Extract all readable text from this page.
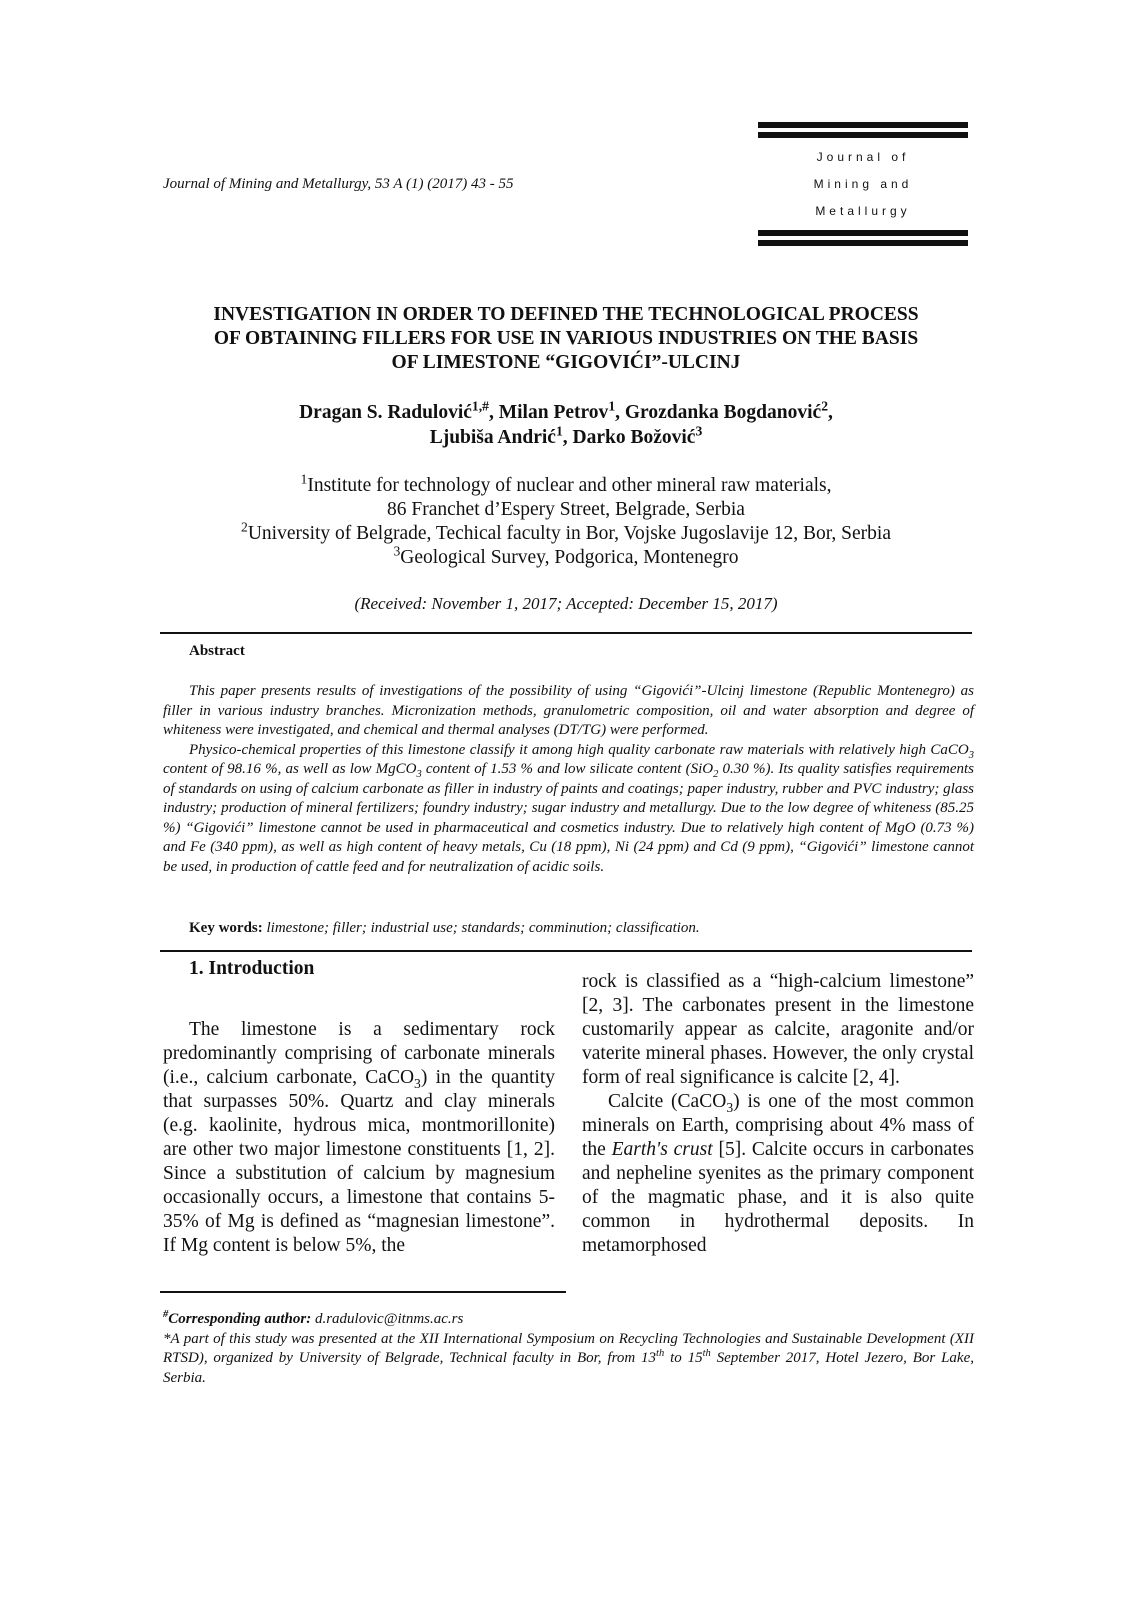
Journal of Mining and Metallurgy, 53 A (1) (2017) 43 - 55
Journal of
Mining and
Metallurgy
INVESTIGATION IN ORDER TO DEFINED THE TECHNOLOGICAL PROCESS
OF OBTAINING FILLERS FOR USE IN VARIOUS INDUSTRIES ON THE BASIS
OF LIMESTONE “GIGOVIĆI”-ULCINJ
Dragan S. Radulović$^{1,\#}$, Milan Petrov$^1$, Grozdanka Bogdanović$^2$,
Ljubiša Andrić$^1$, Darko Božović$^3$
$^1$Institute for technology of nuclear and other mineral raw materials,
86 Franchet d’Espery Street, Belgrade, Serbia
$^2$University of Belgrade, Techical faculty in Bor, Vojske Jugoslavije 12, Bor, Serbia
$^3$Geological Survey, Podgorica, Montenegro
(Received: November 1, 2017; Accepted: December 15, 2017)
Abstract

This paper presents results of investigations of the possibility of using “Gigovići”-Ulcinj limestone (Republic Montenegro) as filler in various industry branches. Micronization methods, granulometric composition, oil and water absorption and degree of whiteness were investigated, and chemical and thermal analyses (DT/TG) were performed.

Physico-chemical properties of this limestone classify it among high quality carbonate raw materials with relatively high CaCO$_3$ content of 98.16 %, as well as low MgCO$_3$ content of 1.53 % and low silicate content (SiO$_2$ 0.30 %). Its quality satisfies requirements of standards on using of calcium carbonate as filler in industry of paints and coatings; paper industry, rubber and PVC industry; glass industry; production of mineral fertilizers; foundry industry; sugar industry and metallurgy. Due to the low degree of whiteness (85.25 %) “Gigovići” limestone cannot be used in pharmaceutical and cosmetics industry. Due to relatively high content of MgO (0.73 %) and Fe (340 ppm), as well as high content of heavy metals, Cu (18 ppm), Ni (24 ppm) and Cd (9 ppm), “Gigovići” limestone cannot be used, in production of cattle feed and for neutralization of acidic soils.

Key words: limestone; filler; industrial use; standards; comminution; classification.
1. Introduction

The limestone is a sedimentary rock predominantly comprising of carbonate minerals (i.e., calcium carbonate, CaCO$_3$) in the quantity that surpasses 50%. Quartz and clay minerals (e.g. kaolinite, hydrous mica, montmorillonite) are other two major limestone constituents [1, 2]. Since a substitution of calcium by magnesium occasionally occurs, a limestone that contains 5-35% of Mg is defined as “magnesian limestone”. If Mg content is below 5%, the

rock is classified as a “high-calcium limestone” [2, 3]. The carbonates present in the limestone customarily appear as calcite, aragonite and/or vaterite mineral phases. However, the only crystal form of real significance is calcite [2, 4].

Calcite (CaCO$_3$) is one of the most common minerals on Earth, comprising about 4% mass of the Earth's crust [5]. Calcite occurs in carbonates and nepheline syenites as the primary component of the magmatic phase, and it is also quite common in hydrothermal deposits. In metamorphosed

#Corresponding author: d.radulovic@itnms.ac.rs

*A part of this study was presented at the XII International Symposium on Recycling Technologies and Sustainable Development (XII RTSD), organized by University of Belgrade, Technical faculty in Bor, from 13th to 15th September 2017, Hotel Jezero, Bor Lake, Serbia.
